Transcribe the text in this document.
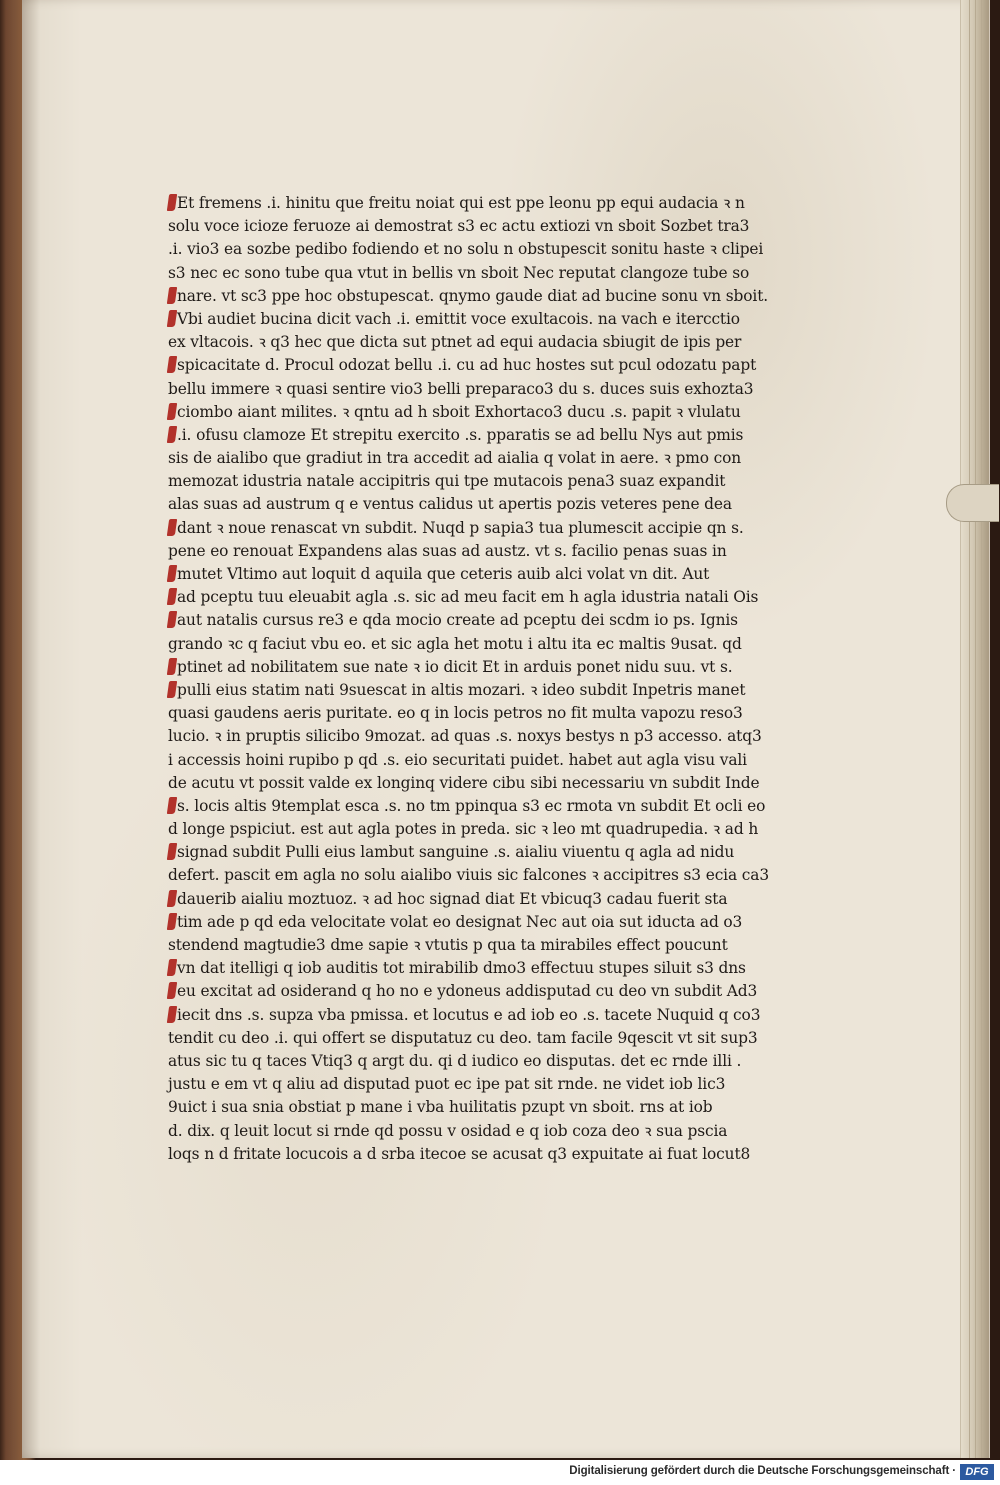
Et fremens .i. hinitu que freitu noiat qui est ppe leonu pp equi audacia ꝛ n
solu voce icioze feruoze ai demostrat s3 ec actu extiozi vn sboit Sozbet tra3
.i. vio3 ea sozbe pedibo fodiendo et no solu n obstupescit sonitu haste ꝛ clipei
s3 nec ec sono tube qua vtut in bellis vn sboit Nec reputat clangoze tube so
nare. vt sc3 ppe hoc obstupescat. qnymo gaude diat ad bucine sonu vn sboit.
Vbi audiet bucina dicit vach .i. emittit voce exultacois. na vach e itercctio
ex vltacois. ꝛ q3 hec que dicta sut ptnet ad equi audacia sbiugit de ipis per
spicacitate d. Procul odozat bellu .i. cu ad huc hostes sut pcul odozatu papt
bellu immere ꝛ quasi sentire vio3 belli preparaco3 du s. duces suis exhozta3
ciombo aiant milites. ꝛ qntu ad h sboit Exhortaco3 ducu .s. papit ꝛ vlulatu
.i. ofusu clamoze Et strepitu exercito .s. pparatis se ad bellu Nys aut pmis
sis de aialibo que gradiut in tra accedit ad aialia q volat in aere. ꝛ pmo con
memozat idustria natale accipitris qui tpe mutacois pena3 suaz expandit
alas suas ad austrum q e ventus calidus ut apertis pozis veteres pene dea
dant ꝛ noue renascat vn subdit. Nuqd p sapia3 tua plumescit accipie qn s.
pene eo renouat Expandens alas suas ad austz. vt s. facilio penas suas in
mutet Vltimo aut loquit d aquila que ceteris auib alci volat vn dit. Aut
ad pceptu tuu eleuabit agla .s. sic ad meu facit em h agla idustria natali Ois
aut natalis cursus re3 e qda mocio create ad pceptu dei scdm io ps. Ignis
grando ꝛc q faciut vbu eo. et sic agla het motu i altu ita ec maltis 9usat. qd
ptinet ad nobilitatem sue nate ꝛ io dicit Et in arduis ponet nidu suu. vt s.
pulli eius statim nati 9suescat in altis mozari. ꝛ ideo subdit Inpetris manet
quasi gaudens aeris puritate. eo q in locis petros no fit multa vapozu reso3
lucio. ꝛ in pruptis silicibo 9mozat. ad quas .s. noxys bestys n p3 accesso. atq3
i accessis hoini rupibo p qd .s. eio securitati puidet. habet aut agla visu vali
de acutu vt possit valde ex longinq videre cibu sibi necessariu vn subdit Inde
s. locis altis 9templat esca .s. no tm ppinqua s3 ec rmota vn subdit Et ocli eo
d longe pspiciut. est aut agla potes in preda. sic ꝛ leo mt quadrupedia. ꝛ ad h
signad subdit Pulli eius lambut sanguine .s. aialiu viuentu q agla ad nidu
defert. pascit em agla no solu aialibo viuis sic falcones ꝛ accipitres s3 ecia ca3
dauerib aialiu moztuoz. ꝛ ad hoc signad diat Et vbicuq3 cadau fuerit sta
tim ade p qd eda velocitate volat eo designat Nec aut oia sut iducta ad o3
stendend magtudie3 dme sapie ꝛ vtutis p qua ta mirabiles effect poucunt
vn dat itelligi q iob auditis tot mirabilib dmo3 effectuu stupes siluit s3 dns
eu excitat ad osiderand q ho no e ydoneus addisputad cu deo vn subdit Ad3
iecit dns .s. supza vba pmissa. et locutus e ad iob eo .s. tacete Nuquid q co3
tendit cu deo .i. qui offert se disputatuz cu deo. tam facile 9qescit vt sit sup3
atus sic tu q taces Vtiq3 q argt du. qi d iudico eo disputas. det ec rnde illi .
justu e em vt q aliu ad disputad puot ec ipe pat sit rnde. ne videt iob lic3
9uict i sua snia obstiat p mane i vba huilitatis pzupt vn sboit. rns at iob
d. dix. q leuit locut si rnde qd possu v osidad e q iob coza deo ꝛ sua pscia
loqs n d fritate locucois a d srba itecoe se acusat q3 expuitate ai fuat locut8
Digitalisierung gefördert durch die Deutsche Forschungsgemeinschaft · DFG
